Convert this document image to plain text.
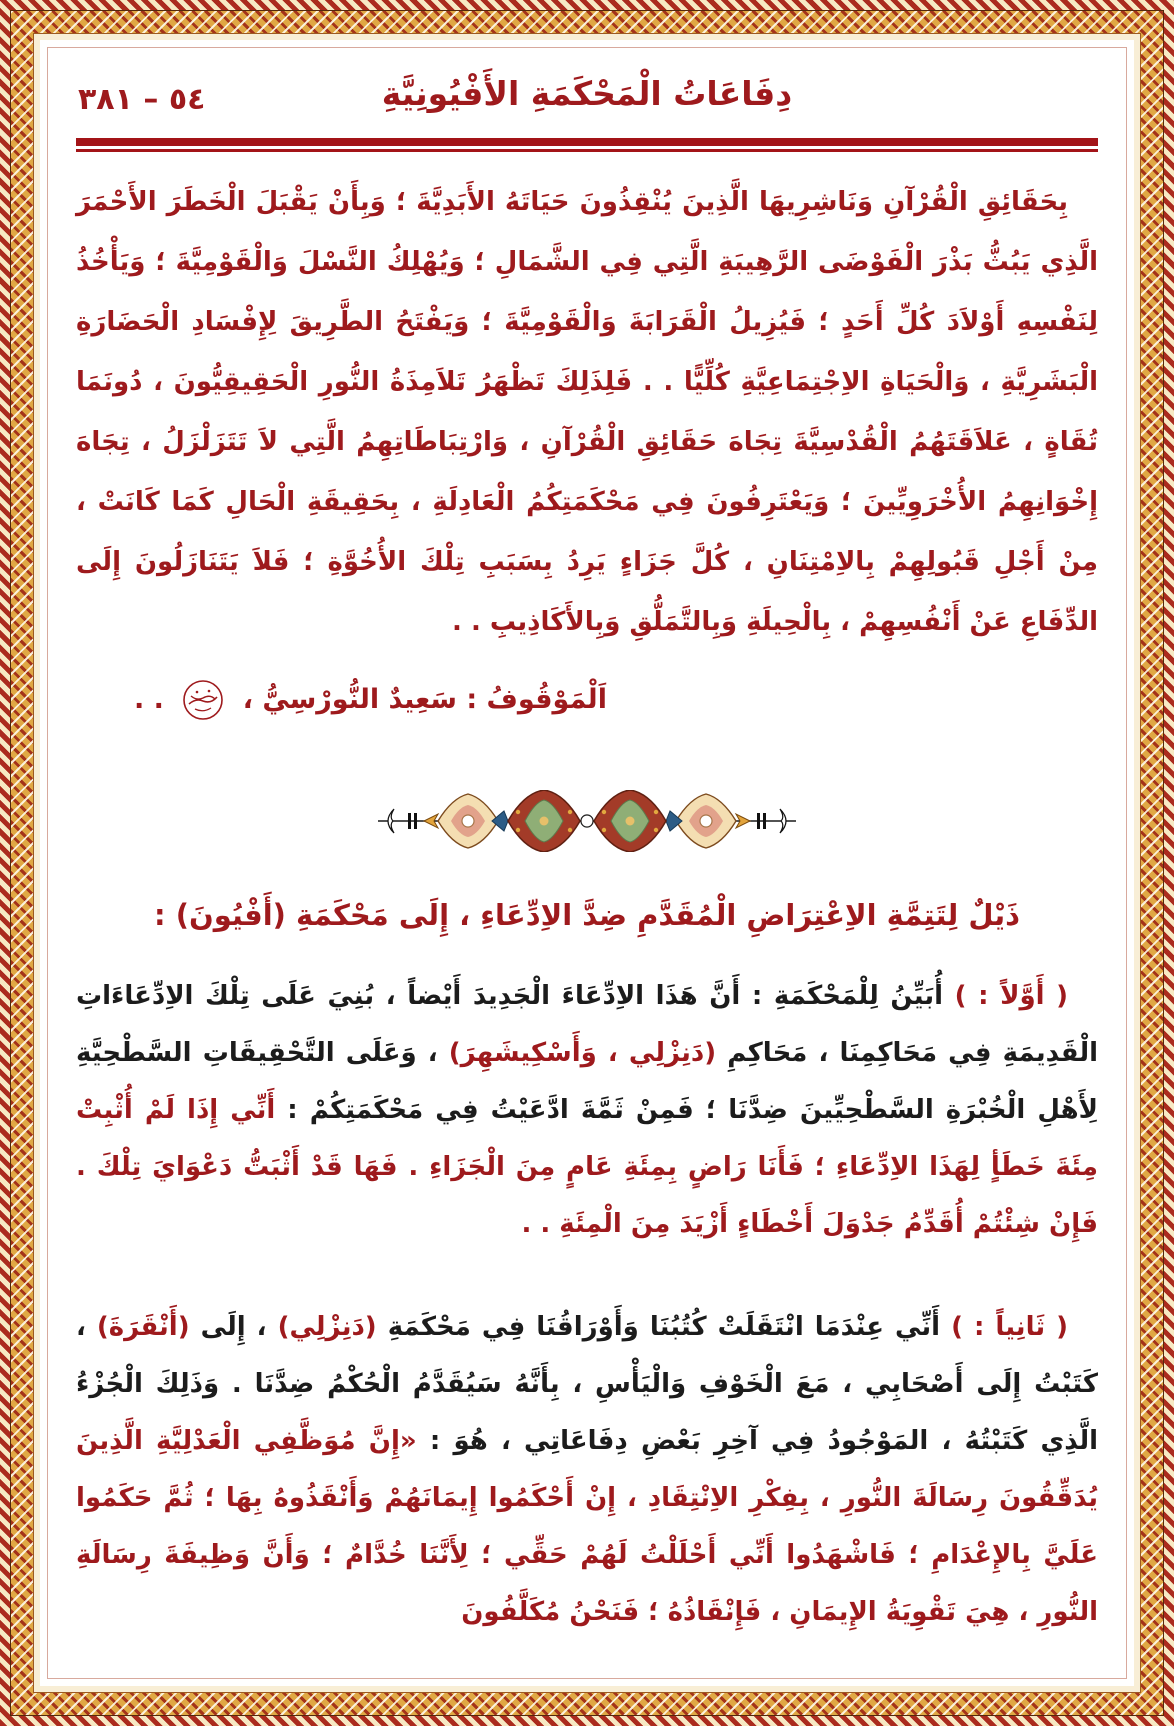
٥٤ – ٣٨١	دِفَاعَاتُ الْمَحْكَمَةِ الأَفْيُونِيَّةِ

بِحَقَائِقِ الْقُرْآنِ وَنَاشِرِيهَا الَّذِينَ يُنْقِذُونَ حَيَاتَهُ الأَبَدِيَّةَ ؛ وَبِأَنْ يَقْبَلَ الْخَطَرَ الأَحْمَرَ الَّذِي يَبُثُّ بَذْرَ الْفَوْضَى الرَّهِيبَةِ الَّتِي فِي الشَّمَالِ ؛ وَيُهْلِكُ النَّسْلَ وَالْقَوْمِيَّةَ ؛ وَيَأْخُذُ لِنَفْسِهِ أَوْلاَدَ كُلِّ أَحَدٍ ؛ فَيُزِيلُ الْقَرَابَةَ وَالْقَوْمِيَّةَ ؛ وَيَفْتَحُ الطَّرِيقَ لِإِفْسَادِ الْحَضَارَةِ الْبَشَرِيَّةِ ، وَالْحَيَاةِ الاِجْتِمَاعِيَّةِ كُلِّيًّا . . فَلِذَلِكَ تَظْهَرُ تَلاَمِذَةُ النُّورِ الْحَقِيقِيُّونَ ، دُونَمَا تُقَاةٍ ، عَلاَقَتَهُمُ الْقُدْسِيَّةَ تِجَاهَ حَقَائِقِ الْقُرْآنِ ، وَارْتِبَاطَاتِهِمُ الَّتِي لاَ تَتَزَلْزَلُ ، تِجَاهَ إِخْوَانِهِمُ الأُخْرَوِيِّينَ ؛ وَيَعْتَرِفُونَ فِي مَحْكَمَتِكُمُ الْعَادِلَةِ ، بِحَقِيقَةِ الْحَالِ كَمَا كَانَتْ ، مِنْ أَجْلِ قَبُولِهِمْ بِالاِمْتِنَانِ ، كُلَّ جَزَاءٍ يَرِدُ بِسَبَبِ تِلْكَ الأُخُوَّةِ ؛ فَلاَ يَتَنَازَلُونَ إِلَى الدِّفَاعِ عَنْ أَنْفُسِهِمْ ، بِالْحِيلَةِ وَبِالتَّمَلُّقِ وَبِالأَكَاذِيبِ . .

اَلْمَوْقُوفُ : سَعِيدٌ النُّورْسِيُّ ،  . .
ذَيْلٌ لِتَتِمَّةِ الاِعْتِرَاضِ الْمُقَدَّمِ ضِدَّ الاِدِّعَاءِ ، إِلَى مَحْكَمَةِ (أَفْيُونَ) :

( أَوَّلاً : ) أُبَيِّنُ لِلْمَحْكَمَةِ : أَنَّ هَذَا الاِدِّعَاءَ الْجَدِيدَ أَيْضاً ، بُنِيَ عَلَى تِلْكَ الاِدِّعَاءَاتِ الْقَدِيمَةِ فِي مَحَاكِمِنَا ، مَحَاكِمِ (دَنِزْلِي ، وَأَسْكِيشَهِرَ) ، وَعَلَى التَّحْقِيقَاتِ السَّطْحِيَّةِ لِأَهْلِ الْخُبْرَةِ السَّطْحِيِّينَ ضِدَّنَا ؛ فَمِنْ ثَمَّةَ ادَّعَيْتُ فِي مَحْكَمَتِكُمْ : أَنِّي إِذَا لَمْ أُثْبِتْ مِئَةَ خَطَأٍ لِهَذَا الاِدِّعَاءِ ؛ فَأَنَا رَاضٍ بِمِئَةِ عَامٍ مِنَ الْجَزَاءِ . فَهَا قَدْ أَثْبَتُّ دَعْوَايَ تِلْكَ . فَإِنْ شِئْتُمْ أُقَدِّمُ جَدْوَلَ أَخْطَاءٍ أَزْيَدَ مِنَ الْمِئَةِ . .

( ثَانِياً : ) أَنِّي عِنْدَمَا انْتَقَلَتْ كُتُبُنَا وَأَوْرَاقُنَا فِي مَحْكَمَةِ (دَنِزْلِي) ، إِلَى (أَنْقَرَةَ) ، كَتَبْتُ إِلَى أَصْحَابِي ، مَعَ الْخَوْفِ وَالْيَأْسِ ، بِأَنَّهُ سَيُقَدَّمُ الْحُكْمُ ضِدَّنَا . وَذَلِكَ الْجُزْءُ الَّذِي كَتَبْتُهُ ، المَوْجُودُ فِي آخِرِ بَعْضِ دِفَاعَاتِي ، هُوَ : «إِنَّ مُوَظَّفِي الْعَدْلِيَّةِ الَّذِينَ يُدَقِّقُونَ رِسَالَةَ النُّورِ ، بِفِكْرِ الاِنْتِقَادِ ، إِنْ أَحْكَمُوا إِيمَانَهُمْ وَأَنْقَذُوهُ بِهَا ؛ ثُمَّ حَكَمُوا عَلَيَّ بِالإِعْدَامِ ؛ فَاشْهَدُوا أَنِّي أَحْلَلْتُ لَهُمْ حَقِّي ؛ لِأَنَّنَا خُدَّامٌ ؛ وَأَنَّ وَظِيفَةَ رِسَالَةِ النُّورِ ، هِيَ تَقْوِيَةُ الإِيمَانِ ، فَإِنْقَاذُهُ ؛ فَنَحْنُ مُكَلَّفُونَ
